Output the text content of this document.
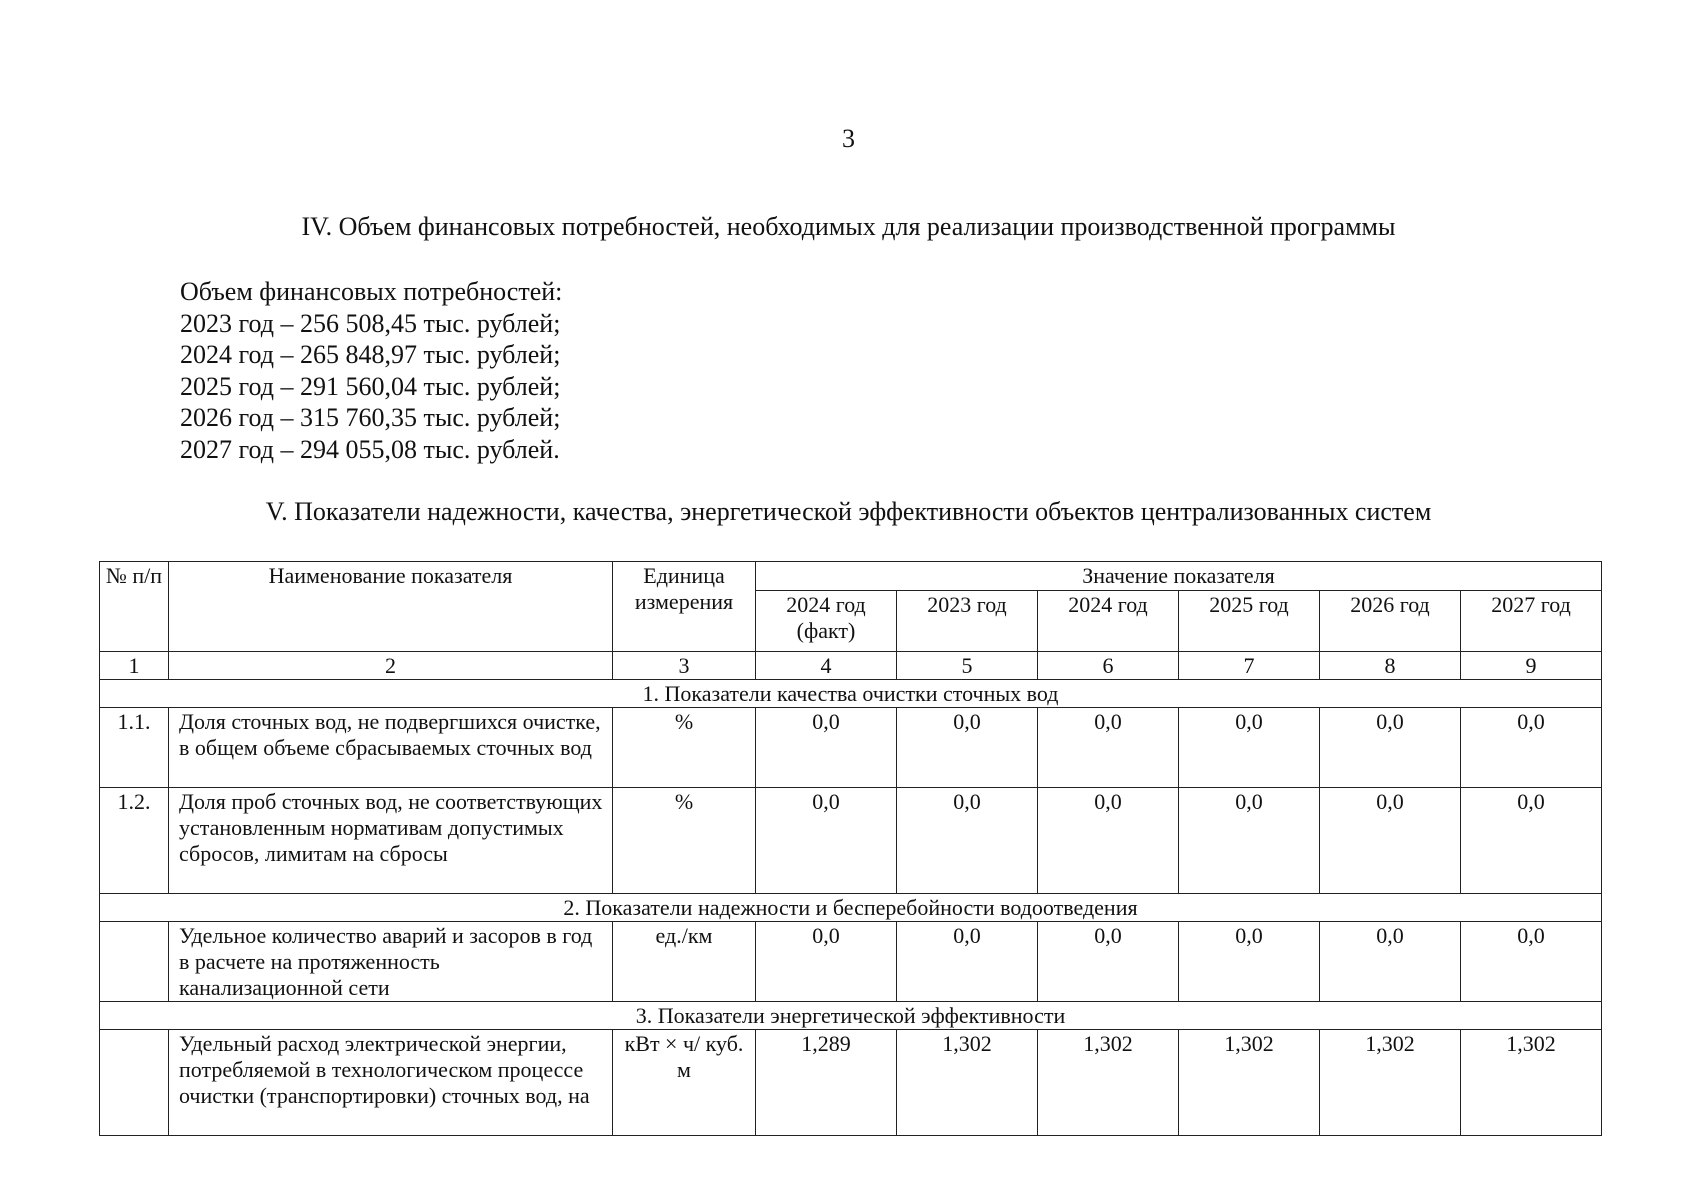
3
IV. Объем финансовых потребностей, необходимых для реализации производственной программы
Объем финансовых потребностей:
2023 год – 256 508,45 тыс. рублей;
2024 год – 265 848,97 тыс. рублей;
2025 год – 291 560,04 тыс. рублей;
2026 год – 315 760,35 тыс. рублей;
2027 год – 294 055,08 тыс. рублей.
V. Показатели надежности, качества, энергетической эффективности объектов централизованных систем
№ п/п	Наименование показателя	Единица измерения	Значение показателя					
			2024 год (факт)	2023 год	2024 год	2025 год	2026 год	2027 год
1	2	3	4	5	6	7	8	9
1. Показатели качества очистки сточных вод								
1.1.	Доля сточных вод, не подвергшихся очистке, в общем объеме сбрасываемых сточных вод	%	0,0	0,0	0,0	0,0	0,0	0,0
1.2.	Доля проб сточных вод, не соответствующих установленным нормативам допустимых сбросов, лимитам на сбросы	%	0,0	0,0	0,0	0,0	0,0	0,0
2. Показатели надежности и бесперебойности водоотведения								
	Удельное количество аварий и засоров в год в расчете на протяженность канализационной сети	ед./км	0,0	0,0	0,0	0,0	0,0	0,0
3. Показатели энергетической эффективности								
	Удельный расход электрической энергии, потребляемой в технологическом процессе очистки (транспортировки) сточных вод, на	кВт × ч/ куб. м	1,289	1,302	1,302	1,302	1,302	1,302
